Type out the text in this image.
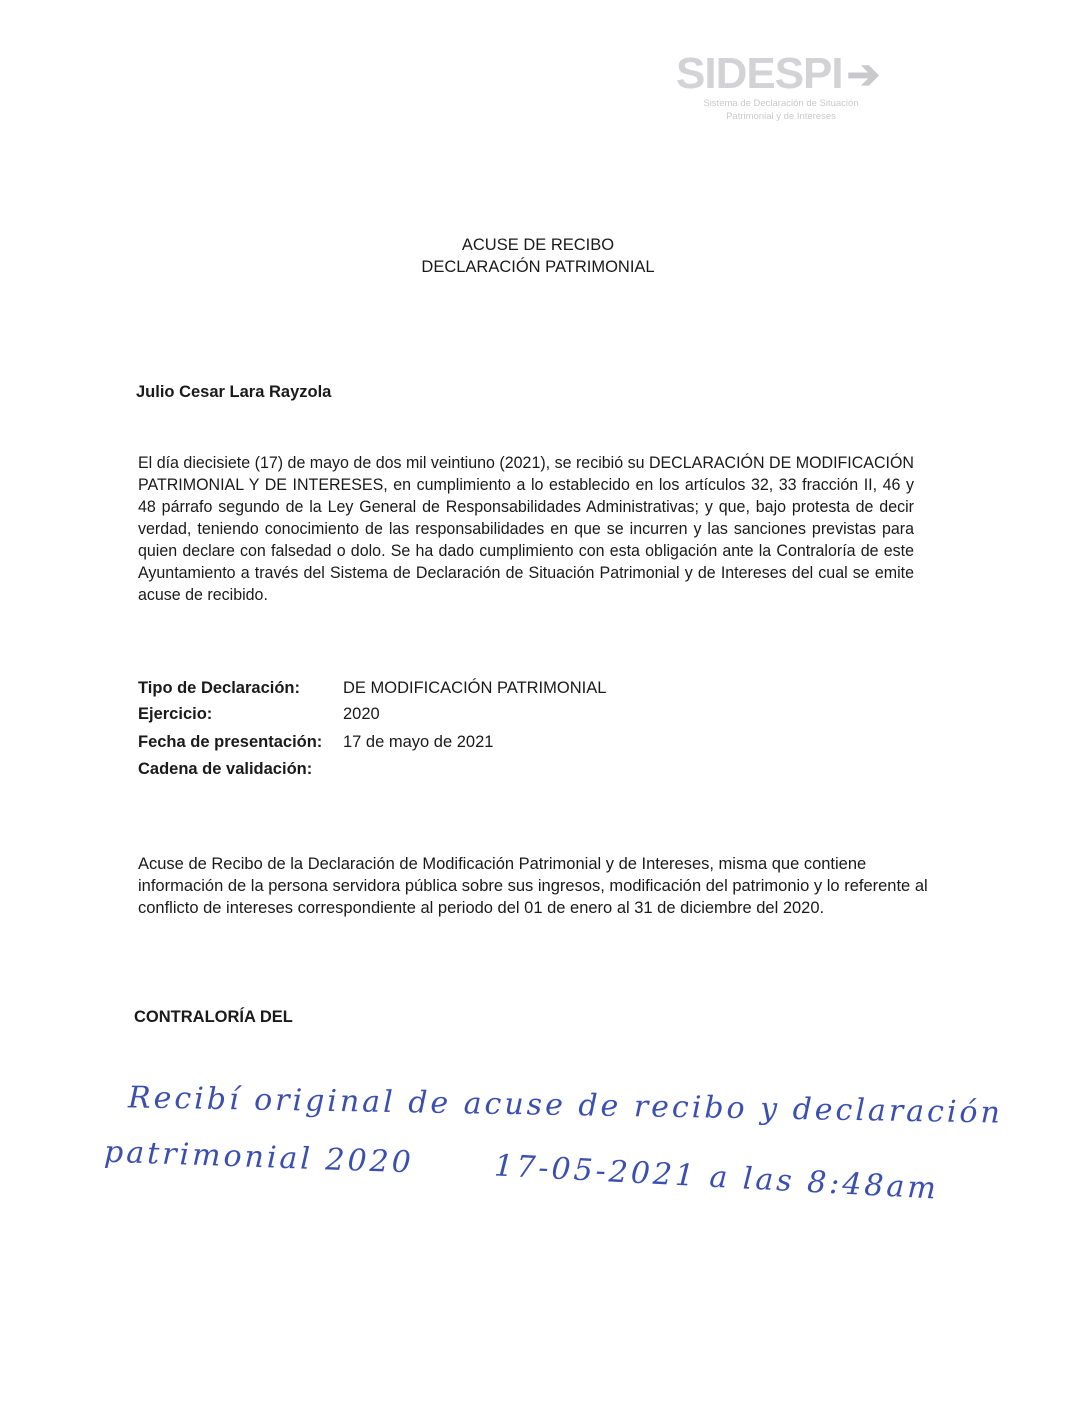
SIDESPI ➔
Sistema de Declaración de Situación
Patrimonial y de Intereses
ACUSE DE RECIBO
DECLARACIÓN PATRIMONIAL
Julio Cesar Lara Rayzola
El día diecisiete (17) de mayo de dos mil veintiuno (2021), se recibió su DECLARACIÓN DE MODIFICACIÓN PATRIMONIAL Y DE INTERESES, en cumplimiento a lo establecido en los artículos 32, 33 fracción II, 46 y 48 párrafo segundo de la Ley General de Responsabilidades Administrativas; y que, bajo protesta de decir verdad, teniendo conocimiento de las responsabilidades en que se incurren y las sanciones previstas para quien declare con falsedad o dolo. Se ha dado cumplimiento con esta obligación ante la Contraloría de este Ayuntamiento a través del Sistema de Declaración de Situación Patrimonial y de Intereses del cual se emite acuse de recibido.
Tipo de Declaración:	DE MODIFICACIÓN PATRIMONIAL
Ejercicio:	2020
Fecha de presentación: 17 de mayo de 2021
Cadena de validación:
Acuse de Recibo de la Declaración de Modificación Patrimonial y de Intereses, misma que contiene información de la persona servidora pública sobre sus ingresos, modificación del patrimonio y lo referente al conflicto de intereses correspondiente al periodo del 01 de enero al 31 de diciembre del 2020.
CONTRALORÍA DEL
Recibí original de acuse de recibo y declaración
patrimonial 2020	17-05-2021 a las 8:48am
